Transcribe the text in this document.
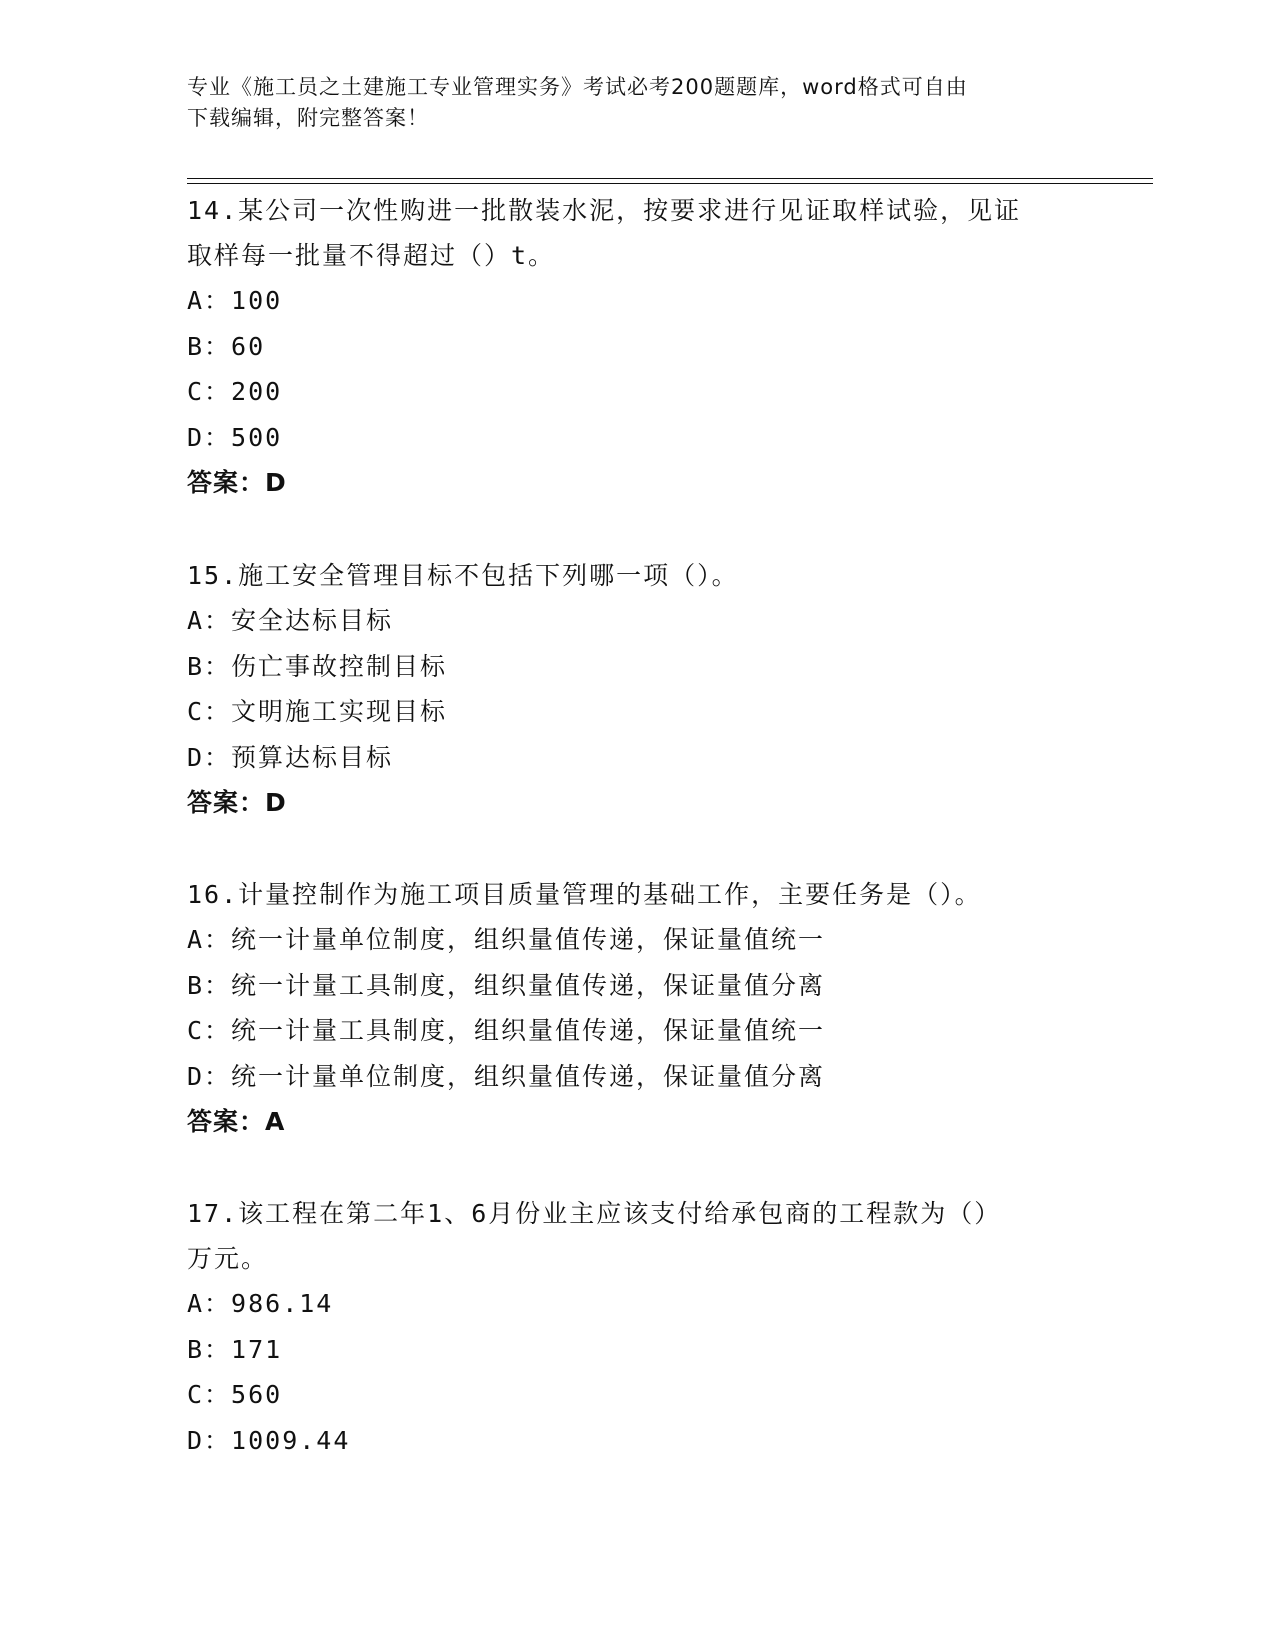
专业《施工员之土建施工专业管理实务》考试必考200题题库，word格式可自由
下载编辑，附完整答案！
14.某公司一次性购进一批散装水泥，按要求进行见证取样试验，见证
取样每一批量不得超过（）t。
A：100
B：60
C：200
D：500
答案：D
15.施工安全管理目标不包括下列哪一项（）。
A：安全达标目标
B：伤亡事故控制目标
C：文明施工实现目标
D：预算达标目标
答案：D
16.计量控制作为施工项目质量管理的基础工作，主要任务是（）。
A：统一计量单位制度，组织量值传递，保证量值统一
B：统一计量工具制度，组织量值传递，保证量值分离
C：统一计量工具制度，组织量值传递，保证量值统一
D：统一计量单位制度，组织量值传递，保证量值分离
答案：A
17.该工程在第二年1、6月份业主应该支付给承包商的工程款为（）
万元。
A：986.14
B：171
C：560
D：1009.44
